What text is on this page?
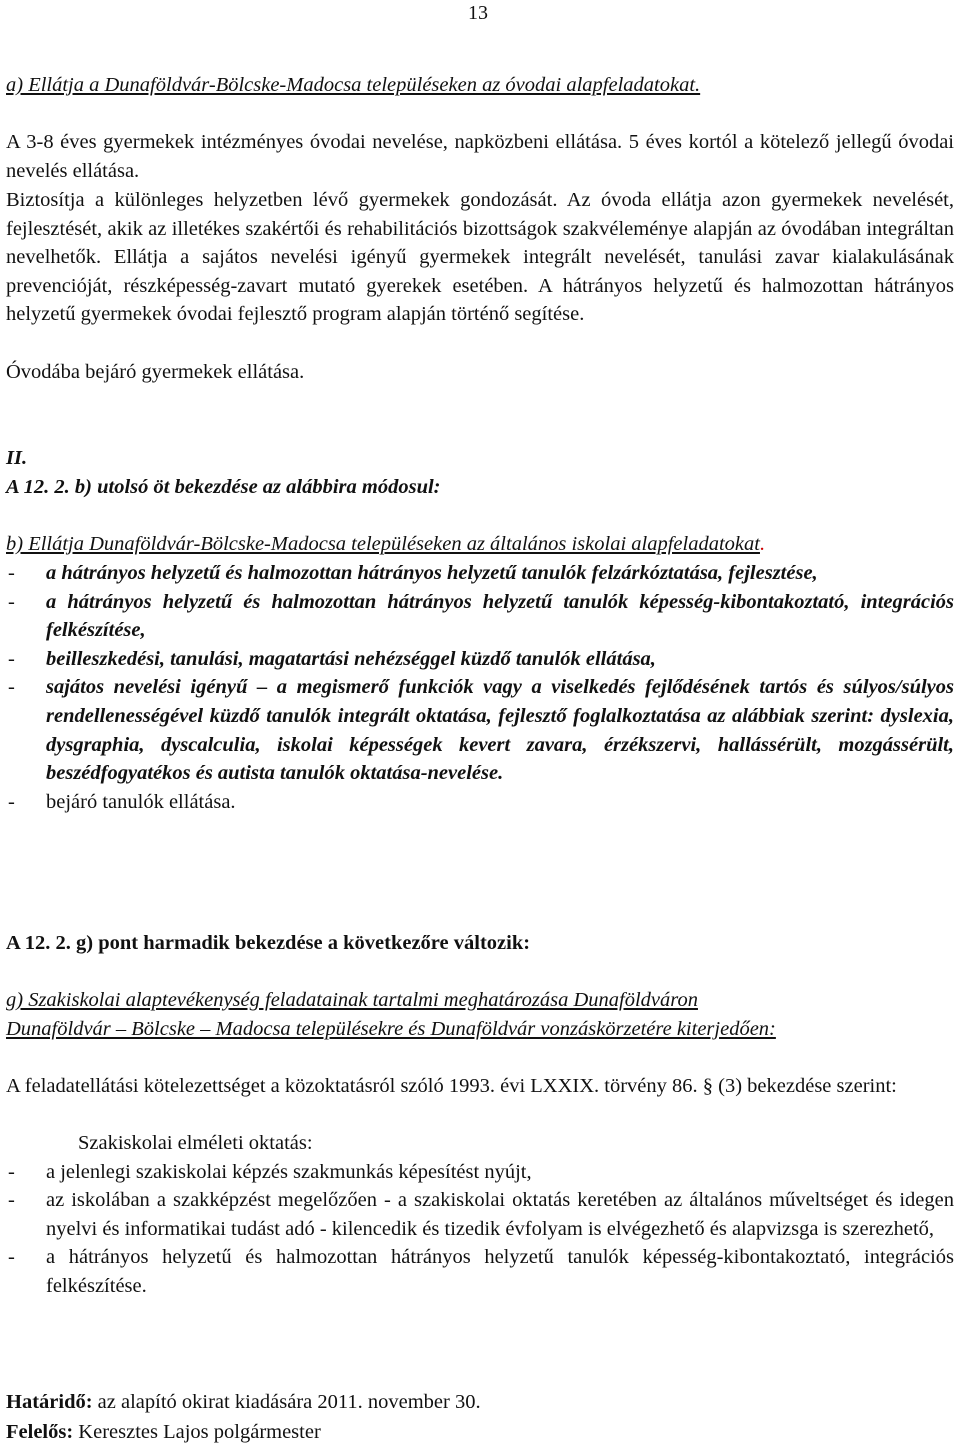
13
a) Ellátja a Dunaföldvár-Bölcske-Madocsa településeken az óvodai alapfeladatokat.
A 3-8 éves gyermekek intézményes óvodai nevelése, napközbeni ellátása. 5 éves kortól a kötelező jellegű óvodai nevelés ellátása.
Biztosítja a különleges helyzetben lévő gyermekek gondozását. Az óvoda ellátja azon gyermekek nevelését, fejlesztését, akik az illetékes szakértői és rehabilitációs bizottságok szakvéleménye alapján az óvodában integráltan nevelhetők. Ellátja a sajátos nevelési igényű gyermekek integrált nevelését, tanulási zavar kialakulásának prevencióját, részképesség-zavart mutató gyerekek esetében. A hátrányos helyzetű és halmozottan hátrányos helyzetű gyermekek óvodai fejlesztő program alapján történő segítése.
Óvodába bejáró gyermekek ellátása.
II.
A 12. 2. b) utolsó öt bekezdése az alábbira módosul:
b) Ellátja Dunaföldvár-Bölcske-Madocsa településeken az általános iskolai alapfeladatokat.
-	a hátrányos helyzetű és halmozottan hátrányos helyzetű tanulók felzárkóztatása, fejlesztése,
-	a hátrányos helyzetű és halmozottan hátrányos helyzetű tanulók képesség-kibontakoztató, integrációs felkészítése,
-	beilleszkedési, tanulási, magatartási nehézséggel küzdő tanulók ellátása,
-	sajátos nevelési igényű – a megismerő funkciók vagy a viselkedés fejlődésének tartós és súlyos/súlyos rendellenességével küzdő tanulók integrált oktatása, fejlesztő foglalkoztatása az alábbiak szerint: dyslexia, dysgraphia, dyscalculia, iskolai képességek kevert zavara, érzékszervi, hallássérült, mozgássérült, beszédfogyatékos és autista tanulók oktatása-nevelése.
-	bejáró tanulók ellátása.
A 12. 2. g) pont harmadik bekezdése a következőre változik:
g) Szakiskolai alaptevékenység feladatainak tartalmi meghatározása Dunaföldváron
Dunaföldvár – Bölcske – Madocsa településekre és Dunaföldvár vonzáskörzetére kiterjedően:
A feladatellátási kötelezettséget a közoktatásról szóló 1993. évi LXXIX. törvény 86. § (3) bekezdése szerint:
Szakiskolai elméleti oktatás:
-	a jelenlegi szakiskolai képzés szakmunkás képesítést nyújt,
-	az iskolában a szakképzést megelőzően - a szakiskolai oktatás keretében az általános műveltséget és idegen nyelvi és informatikai tudást adó - kilencedik és tizedik évfolyam is elvégezhető és alapvizsga is szerezhető,
-	a hátrányos helyzetű és halmozottan hátrányos helyzetű tanulók képesség-kibontakoztató, integrációs felkészítése.
Határidő: az alapító okirat kiadására 2011. november 30.
Felelős: Keresztes Lajos polgármester
